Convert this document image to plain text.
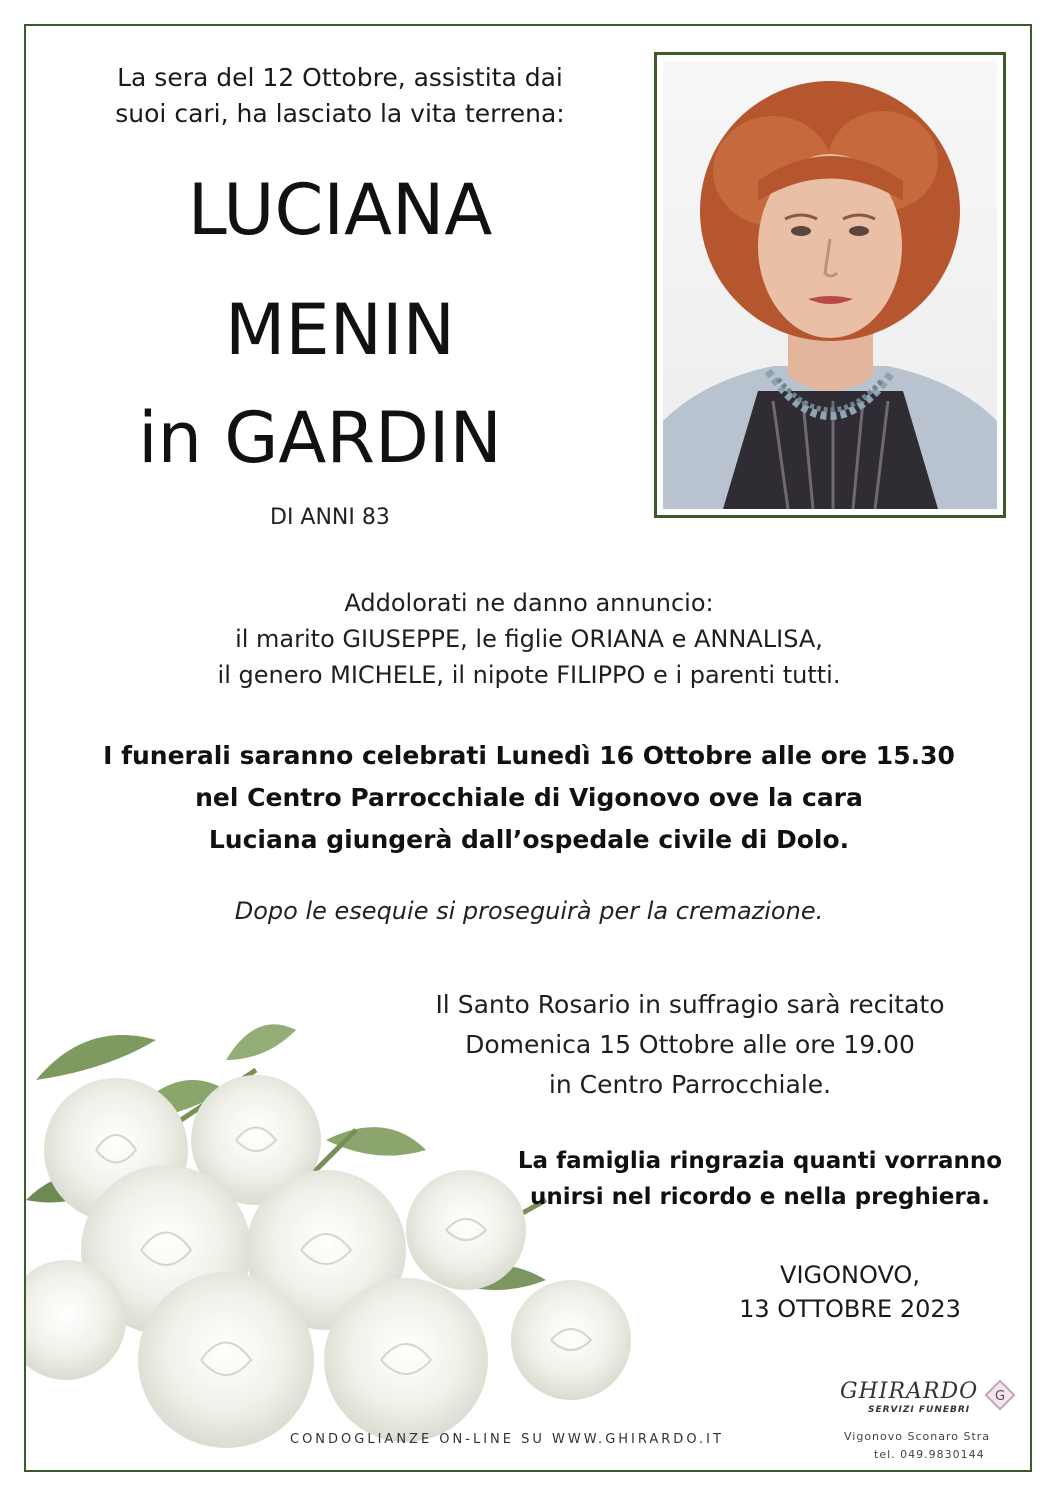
La sera del 12 Ottobre, assistita dai
suoi cari, ha lasciato la vita terrena:
LUCIANA
MENIN
in GARDIN
DI ANNI 83
Addolorati ne danno annuncio:
il marito GIUSEPPE, le figlie ORIANA e ANNALISA,
il genero MICHELE, il nipote FILIPPO e i parenti tutti.
I funerali saranno celebrati Lunedì 16 Ottobre alle ore 15.30
nel Centro Parrocchiale di Vigonovo ove la cara
Luciana giungerà dall’ospedale civile di Dolo.
Dopo le esequie si proseguirà per la cremazione.
Il Santo Rosario in suffragio sarà recitato
Domenica 15 Ottobre alle ore 19.00
in Centro Parrocchiale.
La famiglia ringrazia quanti vorranno
unirsi nel ricordo e nella preghiera.
VIGONOVO,
13 OTTOBRE 2023
CONDOGLIANZE ON-LINE SU WWW.GHIRARDO.IT
GHIRARDO
SERVIZI FUNEBRI
G
Vigonovo Sconaro Stra
tel. 049.9830144
